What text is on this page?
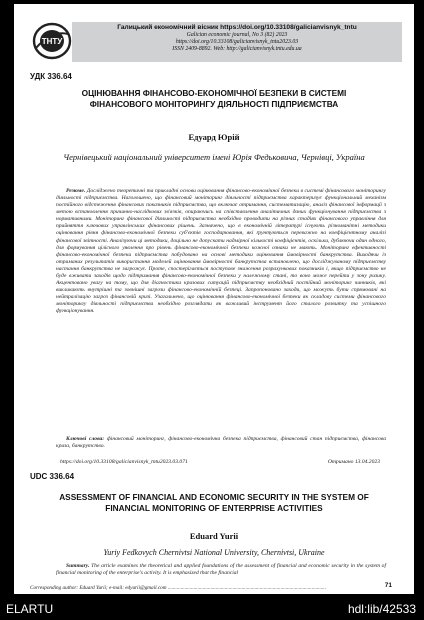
ТНТУ
Галицький економічний вісник https://doi.org/10.33108/galicianvisnyk_tntu
Galician economic journal, No 3 (82) 2023
https://doi.org/10.33108/galicianvisnyk_tntu2023.03
ISSN 2409-8892. Web: http://galicianvisnyk.tntu.edu.ua
УДК 336.64
ОЦІНЮВАННЯ ФІНАНСОВО-ЕКОНОМІЧНОЇ БЕЗПЕКИ В СИСТЕМІ ФІНАНСОВОГО МОНІТОРИНГУ ДІЯЛЬНОСТІ ПІДПРИЄМСТВА
Едуард Юрій
Чернівецький національний університет імені Юрія Федьковича, Чернівці, Україна
Резюме. Досліджено теоретичні та прикладні основи оцінювання фінансово-економічної безпеки в системі фінансового моніторингу діяльності підприємства. Наголошено, що фінансовий моніторинг діяльності підприємства характеризує функціональний механізм постійного відстеження фінансових показників підприємства, що включає отримання, систематизацію, аналіз фінансової інформації з метою встановлення причинно-наслідкових зв'язків, опираючись на співставлення аналітичних даних функціонування підприємства з нормативними. Моніторинг фінансової діяльності підприємства необхідно проводити на різних стадіях фінансового управління для прийняття ключових управлінських фінансових рішень. Зазначено, що в економічній літературі існують різноманітні методики оцінювання рівня фінансово-економічної безпеки суб'єктів господарювання, які ґрунтуються переважно на коефіцієнтному аналізі фінансової звітності. Аналізуючи ці методики, доцільно не допускати надмірної кількості коефіцієнтів, оскільки, дублюючи один одного, для формування цілісного уявлення про рівень фінансово-економічної безпеки кожної ознаки не мають. Моніторинг ефективності фінансово-економічної безпеки підприємства побудовано на основі методики оцінювання ймовірності банкрутства. Виходячи із отриманих результатів використання моделей оцінювання ймовірності банкрутства встановлено, що досліджуваному підприємству настання банкрутства не загрожує. Проте, спостерігається поступове зниження розрахункових показників і, якщо підприємство не буде вживати заходів щодо підтримання фінансово-економічної безпеки у належному стані, то воно може перейти у зону ризику. Акцентовано увагу на тому, що для діагностики кризових ситуацій підприємству необхідний постійний моніторинг чинників, які викликають внутрішні та зовнішні загрози фінансово-економічній безпеці. Запропоновано заходи, що можуть бути спрямовані на нейтралізацію загроз фінансовій кризі. Узагальнено, що оцінювання фінансово-економічної безпеки як складову системи фінансового моніторингу діяльності підприємства необхідно розглядати як важливий інструмент його сталого розвитку та успішного функціонування.
Ключові слова: фінансовий моніторинг, фінансово-економічна безпека підприємства, фінансовий стан підприємства, фінансова криза, банкрутство.
https://doi.org/10.33108/galicianvisnyk_tntu2023.03.071	Отримано 13.04.2023
UDC 336.64
ASSESSMENT OF FINANCIAL AND ECONOMIC SECURITY IN THE SYSTEM OF FINANCIAL MONITORING OF ENTERPRISE ACTIVITIES
Eduard Yurii
Yuriy Fedkovych Chernivtsi National University, Chernivtsi, Ukraine
Summary. The article examines the theoretical and applied foundations of the assessment of financial and economic security in the system of financial monitoring of the enterprise's activity. It is emphasized that the financial
Corresponding author: Eduard Yurii; e-mail: edyurii@gmail.com ..........................................................................................................................	71
ELARTU	hdl:lib/42533
